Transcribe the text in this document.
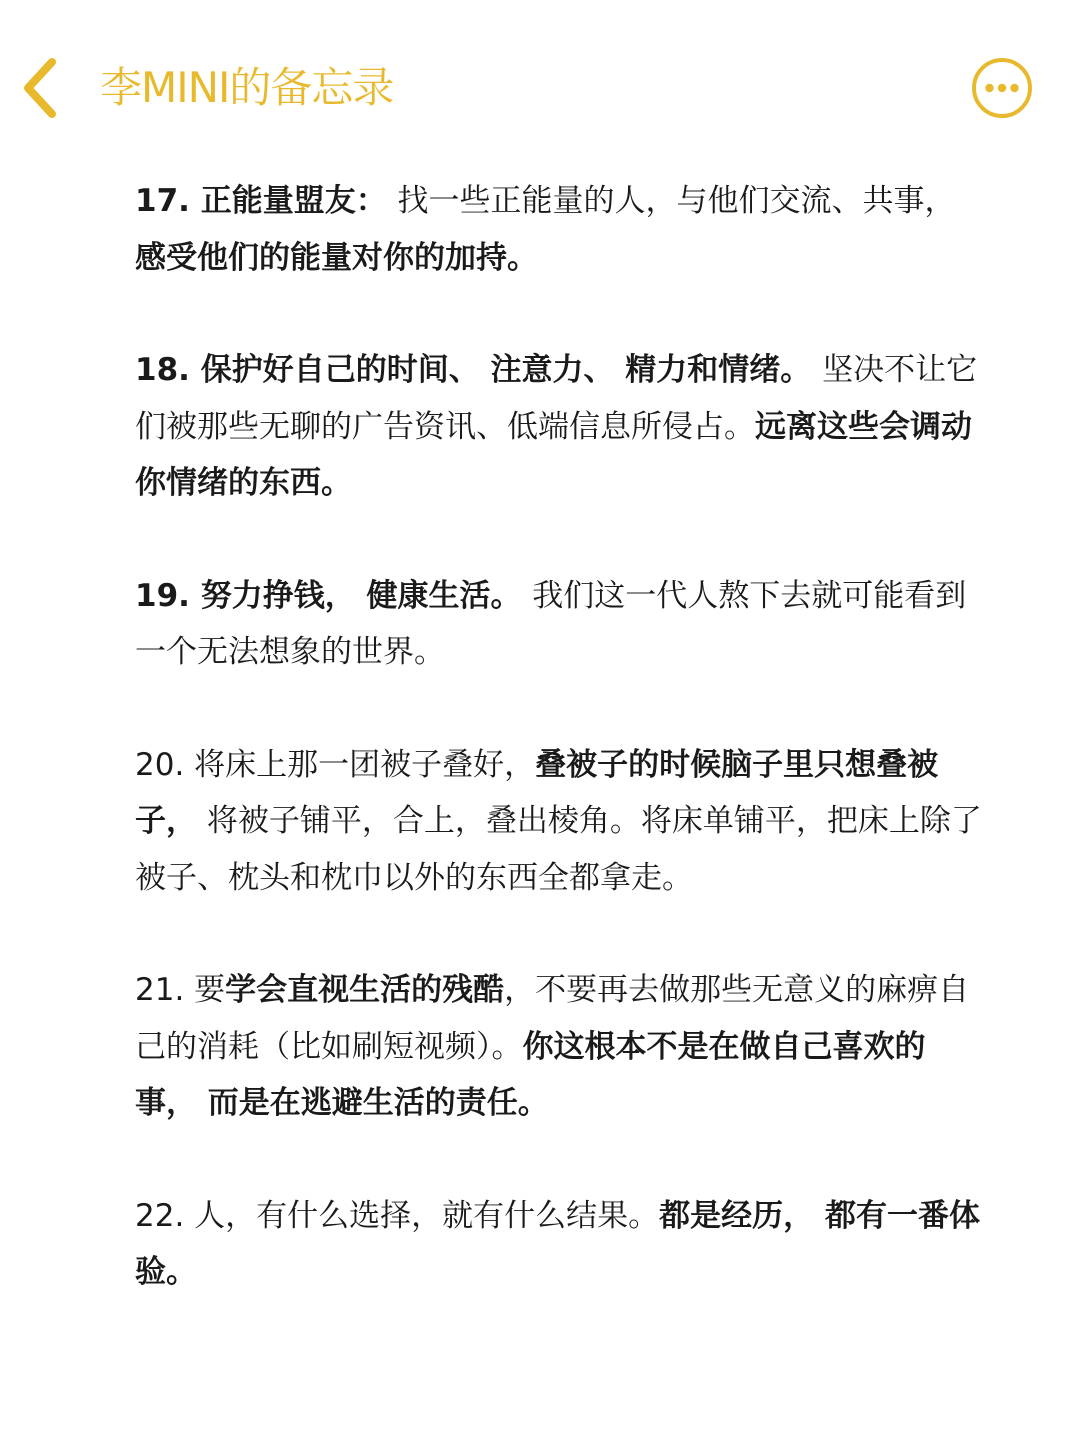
李MINI的备忘录

17. 正能量盟友： 找一些正能量的人，与他们交流、共事，感受他们的能量对你的加持。

18. 保护好自己的时间、 注意力、 精力和情绪。 坚决不让它们被那些无聊的广告资讯、低端信息所侵占。远离这些会调动你情绪的东西。

19. 努力挣钱， 健康生活。 我们这一代人熬下去就可能看到一个无法想象的世界。

20. 将床上那一团被子叠好，叠被子的时候脑子里只想叠被子， 将被子铺平，合上，叠出棱角。将床单铺平，把床上除了被子、枕头和枕巾以外的东西全都拿走。

21. 要学会直视生活的残酷，不要再去做那些无意义的麻痹自己的消耗（比如刷短视频）。你这根本不是在做自己喜欢的事， 而是在逃避生活的责任。

22. 人，有什么选择，就有什么结果。都是经历， 都有一番体验。
